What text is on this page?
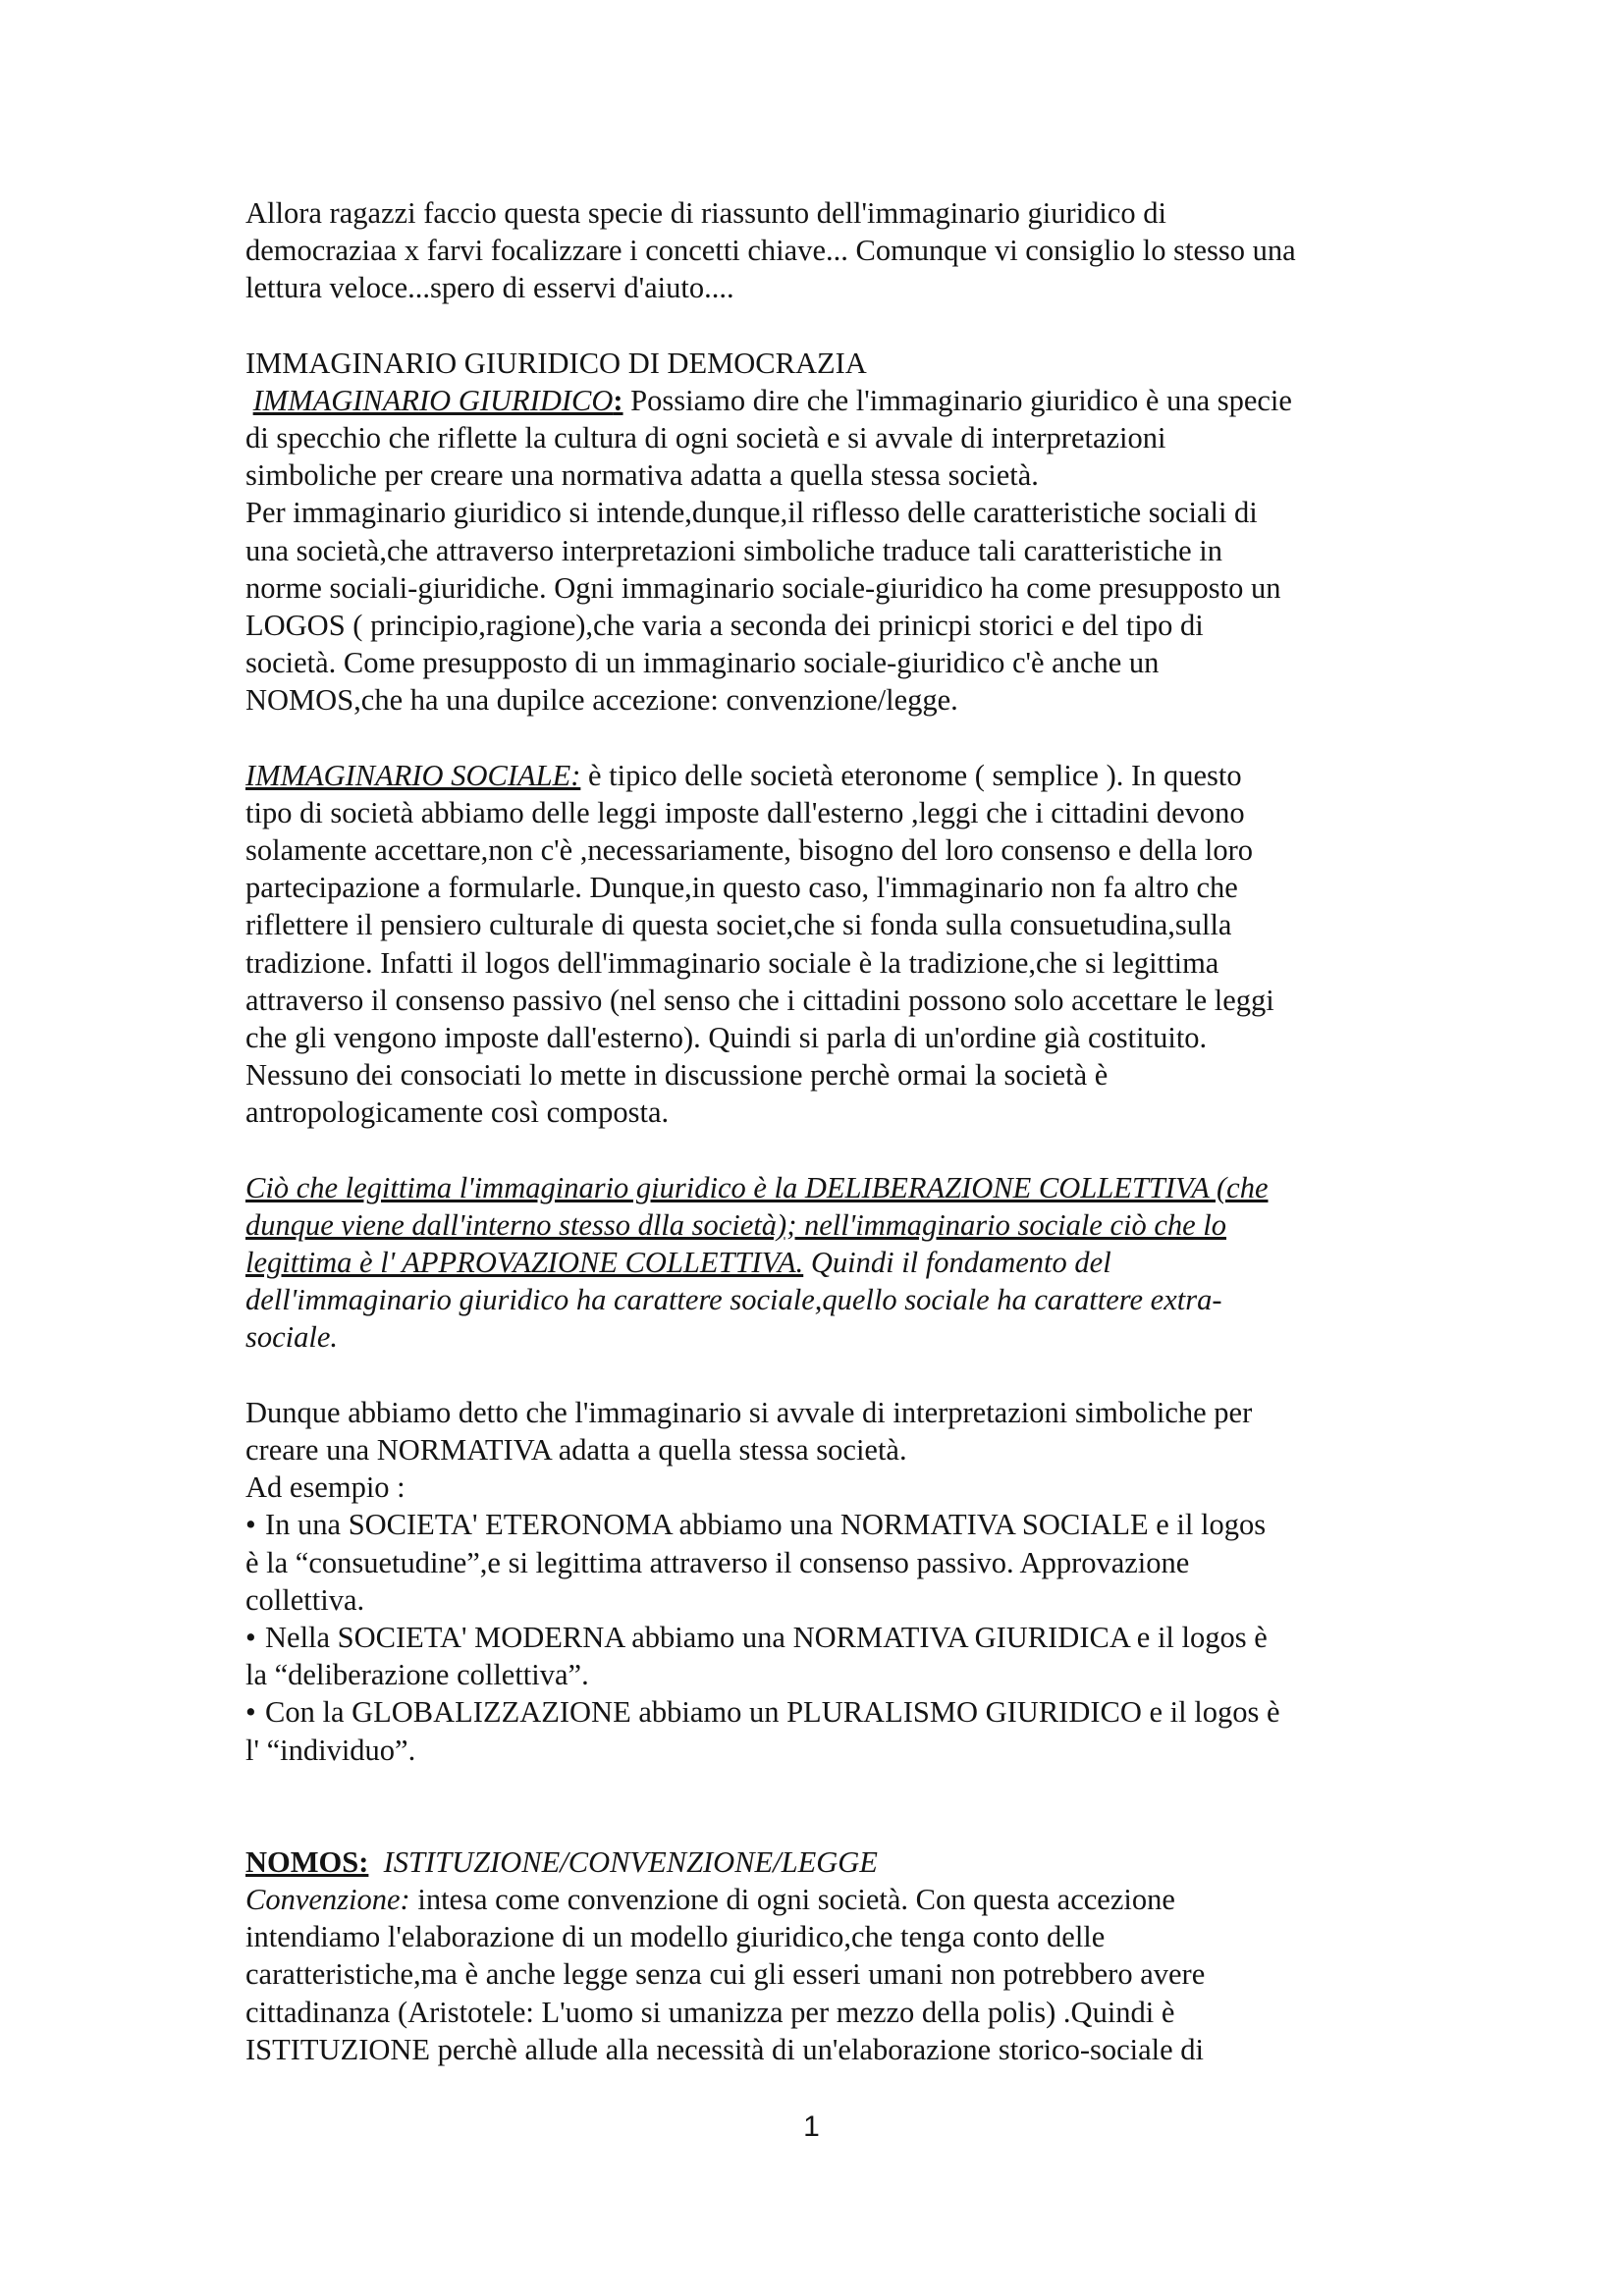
Allora ragazzi faccio questa specie di riassunto dell'immaginario giuridico di

democraziaa x farvi focalizzare i concetti chiave... Comunque vi consiglio lo stesso una

lettura veloce...spero di esservi d'aiuto....

IMMAGINARIO GIURIDICO DI DEMOCRAZIA

IMMAGINARIO GIURIDICO: Possiamo dire che l'immaginario giuridico è una specie

di specchio che riflette la cultura di ogni società e si avvale di interpretazioni

simboliche per creare una normativa adatta a quella stessa società.

Per immaginario giuridico si intende,dunque,il riflesso delle caratteristiche sociali di

una società,che attraverso interpretazioni simboliche traduce tali caratteristiche in

norme sociali-giuridiche. Ogni immaginario sociale-giuridico ha come presupposto un

LOGOS ( principio,ragione),che varia a seconda dei prinicpi storici e del tipo di

società. Come presupposto di un immaginario sociale-giuridico c'è anche un

NOMOS,che ha una dupilce accezione: convenzione/legge.

IMMAGINARIO SOCIALE: è tipico delle società eteronome ( semplice ). In questo

tipo di società abbiamo delle leggi imposte dall'esterno ,leggi che i cittadini devono

solamente accettare,non c'è ,necessariamente, bisogno del loro consenso e della loro

partecipazione a formularle. Dunque,in questo caso, l'immaginario non fa altro che

riflettere il pensiero culturale di questa societ,che si fonda sulla consuetudina,sulla

tradizione. Infatti il logos dell'immaginario sociale è la tradizione,che si legittima

attraverso il consenso passivo (nel senso che i cittadini possono solo accettare le leggi

che gli vengono imposte dall'esterno). Quindi si parla di un'ordine già costituito.

Nessuno dei consociati lo mette in discussione perchè ormai la società è

antropologicamente così composta.

Ciò che legittima l'immaginario giuridico è la DELIBERAZIONE COLLETTIVA (che

dunque viene dall'interno stesso dlla società); nell'immaginario sociale ciò che lo

legittima è l' APPROVAZIONE COLLETTIVA. Quindi il fondamento del

dell'immaginario giuridico ha carattere sociale,quello sociale ha carattere extra-

sociale.

Dunque abbiamo detto che l'immaginario si avvale di interpretazioni simboliche per

creare una NORMATIVA adatta a quella stessa società.

Ad esempio :

• In una SOCIETA' ETERONOMA abbiamo una NORMATIVA SOCIALE e il logos

è la “consuetudine”,e si legittima attraverso il consenso passivo. Approvazione

collettiva.

• Nella SOCIETA' MODERNA abbiamo una NORMATIVA GIURIDICA e il logos è

la “deliberazione collettiva”.

• Con la GLOBALIZZAZIONE abbiamo un PLURALISMO GIURIDICO e il logos è

l' “individuo”.

NOMOS: ISTITUZIONE/CONVENZIONE/LEGGE

Convenzione: intesa come convenzione di ogni società. Con questa accezione

intendiamo l'elaborazione di un modello giuridico,che tenga conto delle

caratteristiche,ma è anche legge senza cui gli esseri umani non potrebbero avere

cittadinanza (Aristotele: L'uomo si umanizza per mezzo della polis) .Quindi è

ISTITUZIONE perchè allude alla necessità di un'elaborazione storico-sociale di

1
